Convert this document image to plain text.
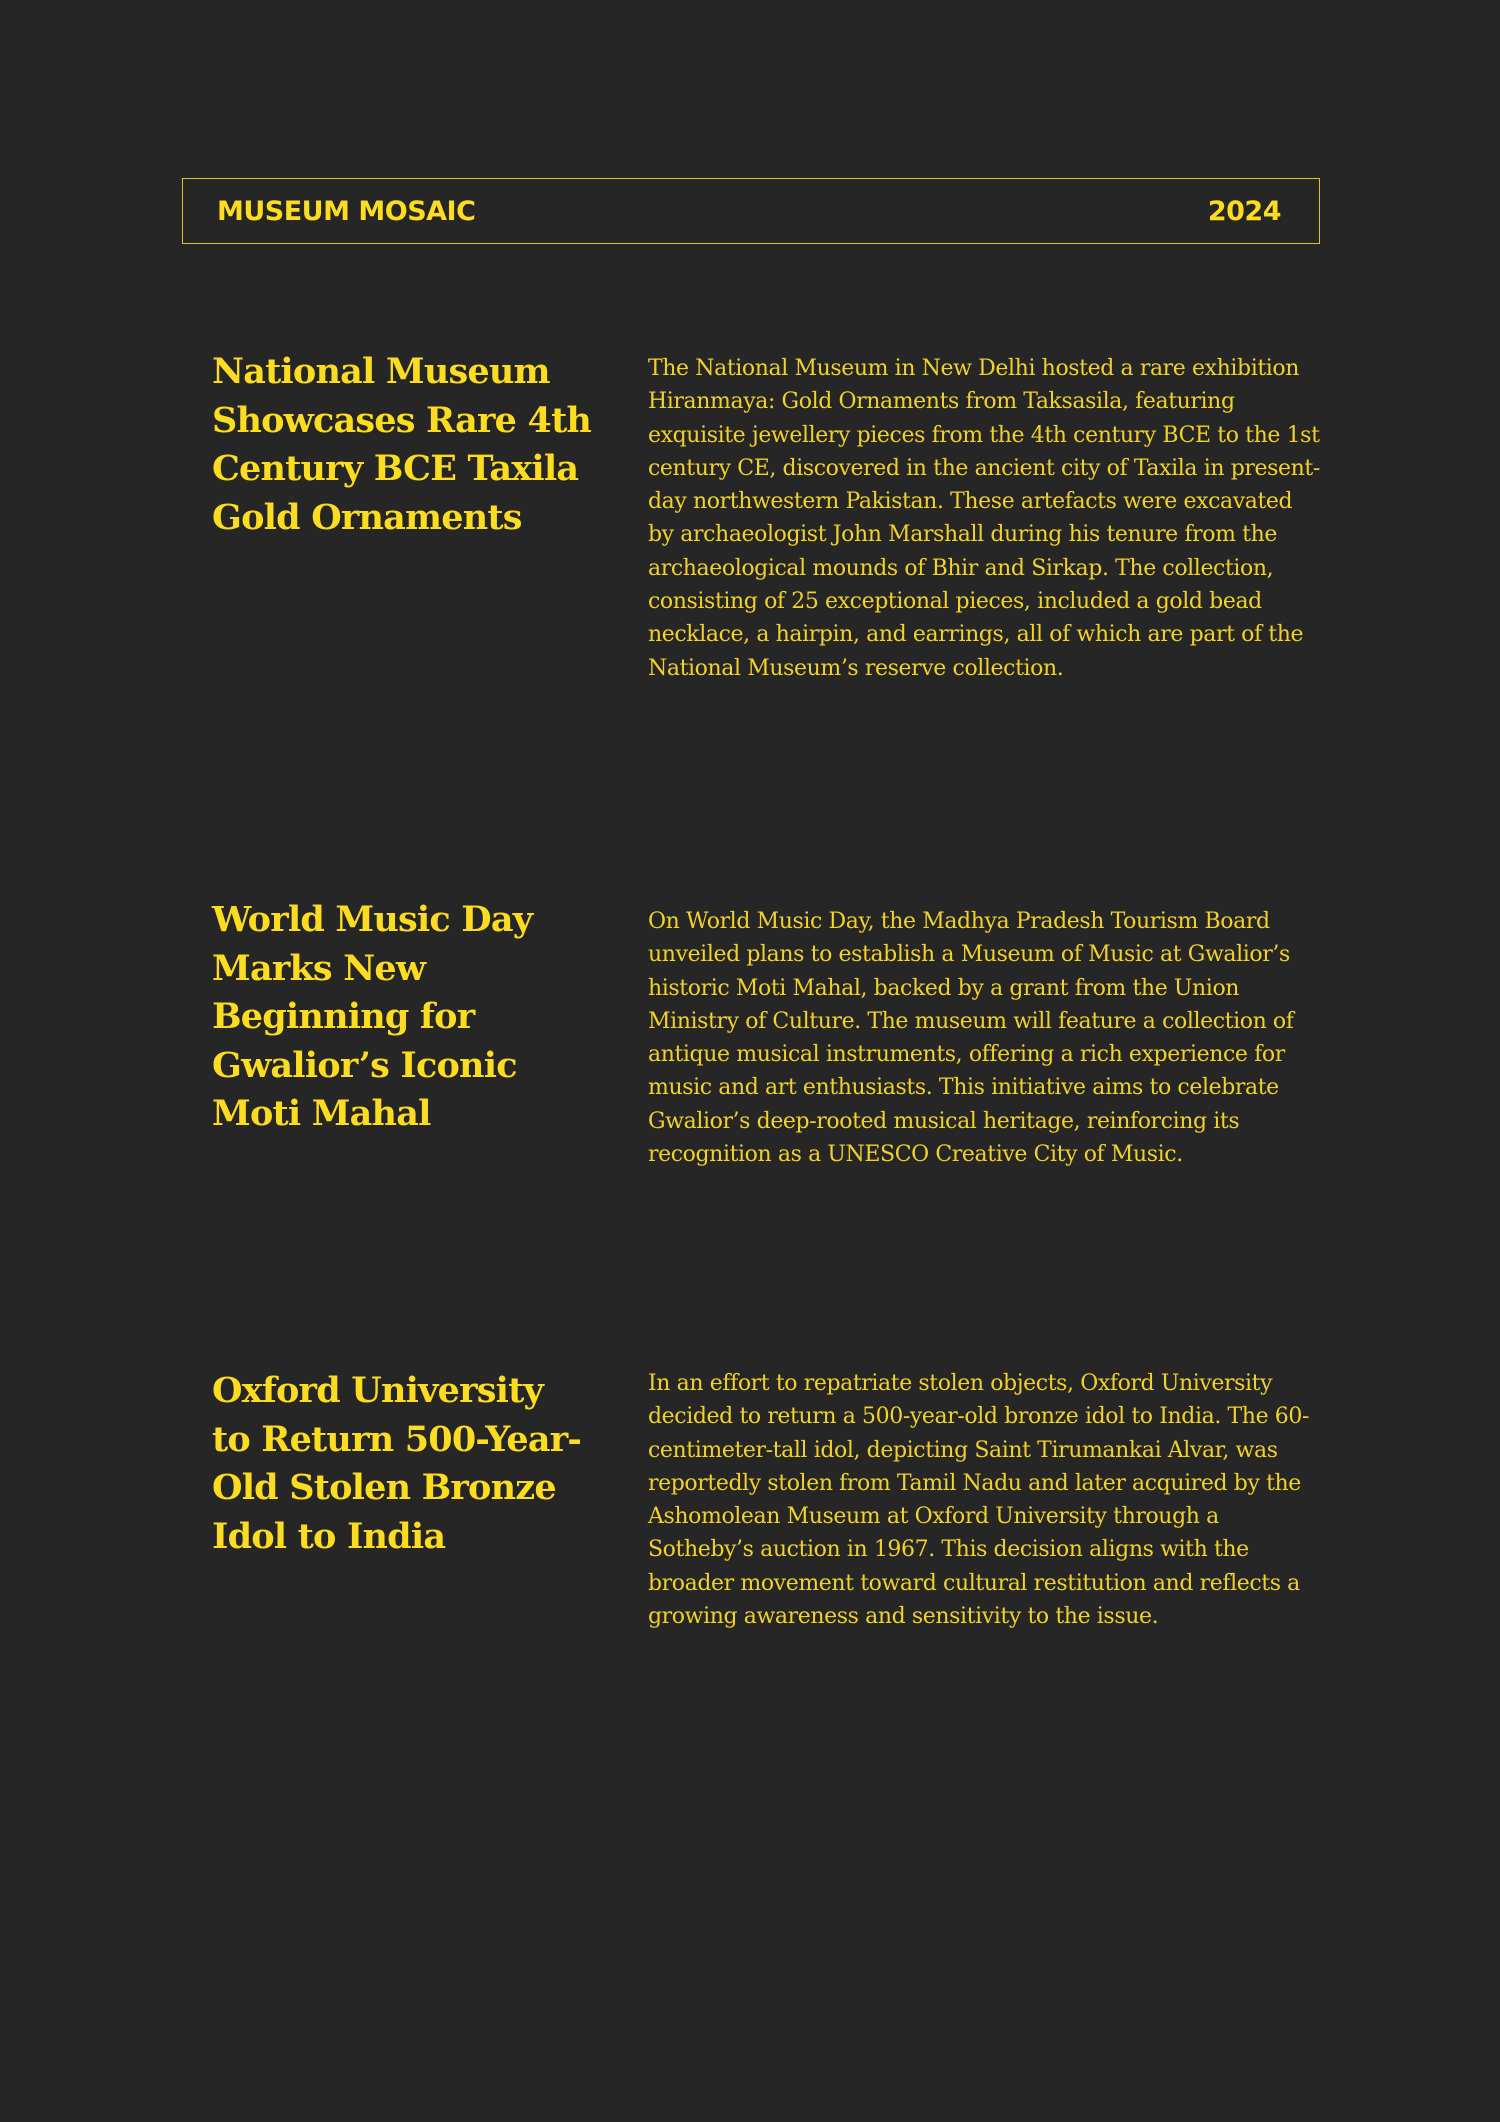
MUSEUM MOSAIC	2024
National Museum Showcases Rare 4th Century BCE Taxila Gold Ornaments

The National Museum in New Delhi hosted a rare exhibition Hiranmaya: Gold Ornaments from Taksasila, featuring exquisite jewellery pieces from the 4th century BCE to the 1st century CE, discovered in the ancient city of Taxila in present-day northwestern Pakistan. These artefacts were excavated by archaeologist John Marshall during his tenure from the archaeological mounds of Bhir and Sirkap. The collection, consisting of 25 exceptional pieces, included a gold bead necklace, a hairpin, and earrings, all of which are part of the National Museum’s reserve collection.

World Music Day Marks New Beginning for Gwalior’s Iconic Moti Mahal

On World Music Day, the Madhya Pradesh Tourism Board unveiled plans to establish a Museum of Music at Gwalior’s historic Moti Mahal, backed by a grant from the Union Ministry of Culture. The museum will feature a collection of antique musical instruments, offering a rich experience for music and art enthusiasts. This initiative aims to celebrate Gwalior’s deep-rooted musical heritage, reinforcing its recognition as a UNESCO Creative City of Music.

Oxford University to Return 500-Year-Old Stolen Bronze Idol to India

In an effort to repatriate stolen objects, Oxford University decided to return a 500-year-old bronze idol to India. The 60-centimeter-tall idol, depicting Saint Tirumankai Alvar, was reportedly stolen from Tamil Nadu and later acquired by the Ashomolean Museum at Oxford University through a Sotheby’s auction in 1967. This decision aligns with the broader movement toward cultural restitution and reflects a growing awareness and sensitivity to the issue.
